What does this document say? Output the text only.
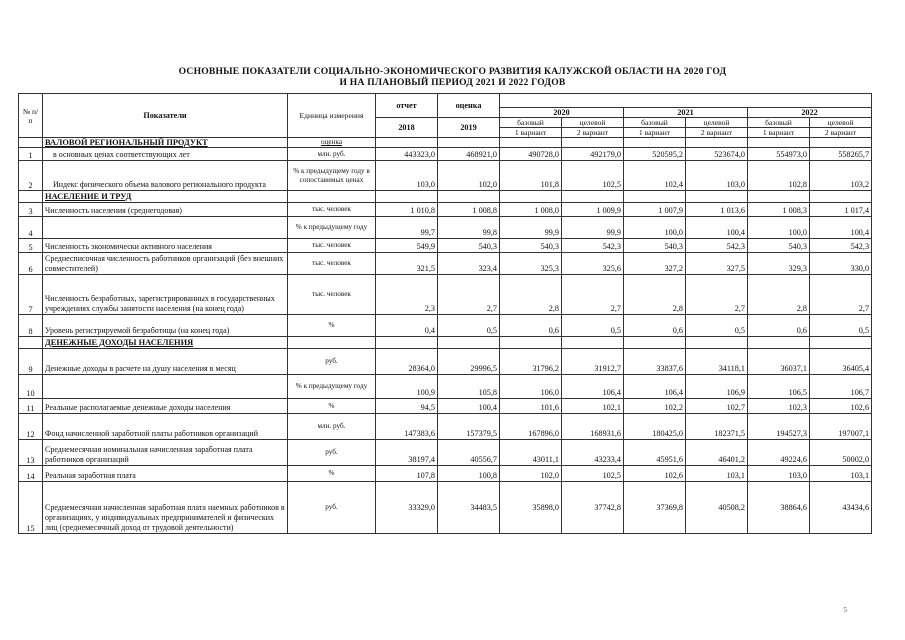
ОСНОВНЫЕ ПОКАЗАТЕЛИ СОЦИАЛЬНО-ЭКОНОМИЧЕСКОГО РАЗВИТИЯ КАЛУЖСКОЙ ОБЛАСТИ НА 2020 ГОД
И НА ПЛАНОВЫЙ ПЕРИОД 2021 И 2022 ГОДОВ
№ п/п	Показатели	Единица измерения	отчет	оценка						
					2020		2021		2022	
			2018	2019	базовый	целевой	базовый	целевой	базовый	целевой
					1 вариант	2 вариант	1 вариант	2 вариант	1 вариант	2 вариант
	ВАЛОВОЙ РЕГИОНАЛЬНЫЙ ПРОДУКТ	оценка								
1	в основных ценах соответствующих лет	млн. руб.	443323,0	468921,0	490728,0	492179,0	520595,2	523674,0	554973,0	558265,7
2	Индекс физического объема валового регионального продукта	% к предыдущему году в сопоставимых ценах	103,0	102,0	101,8	102,5	102,4	103,0	102,8	103,2
	НАСЕЛЕНИЕ И ТРУД									
3	Численность населения (среднегодовая)	тыс. человек	1 010,8	1 008,8	1 008,0	1 009,9	1 007,9	1 013,6	1 008,3	1 017,4
4		% к предыдущему году	99,7	99,8	99,9	99,9	100,0	100,4	100,0	100,4
5	Численность экономически активного населения	тыс. человек	549,9	540,3	540,3	542,3	540,3	542,3	540,3	542,3
6	Среднесписочная численность работников организаций (без внешних совместителей)	тыс. человек	321,5	323,4	325,3	325,6	327,2	327,5	329,3	330,0
7	Численность безработных, зарегистрированных в государственных учреждениях службы занятости населения (на конец года)	тыс. человек	2,3	2,7	2,8	2,7	2,8	2,7	2,8	2,7
8	Уровень регистрируемой безработицы (на конец года)	%	0,4	0,5	0,6	0,5	0,6	0,5	0,6	0,5
	ДЕНЕЖНЫЕ ДОХОДЫ НАСЕЛЕНИЯ									
9	Денежные доходы в расчете на душу населения в месяц	руб.	28364,0	29996,5	31796,2	31912,7	33837,6	34118,1	36037,1	36405,4
10		% к предыдущему году	100,9	105,8	106,0	106,4	106,4	106,9	106,5	106,7
11	Реальные располагаемые денежные доходы населения	%	94,5	100,4	101,6	102,1	102,2	102,7	102,3	102,6
12	Фонд начисленной заработной платы работников организаций	млн. руб.	147383,6	157379,5	167896,0	168931,6	180425,0	182371,5	194527,3	197007,1
13	Среднемесячная номинальная начисленная заработная плата работников организаций	руб.	38197,4	40556,7	43011,1	43233,4	45951,6	46401,2	49224,6	50002,0
14	Реальная заработная плата	%	107,8	100,8	102,0	102,5	102,6	103,1	103,0	103,1
15	Среднемесячная начисленная заработная плата наемных работников в организациях, у индивидуальных предпринимателей и физических лиц (среднемесячный доход от трудовой деятельности)	руб.	33329,0	34483,5	35898,0	37742,8	37369,8	40508,2	38864,6	43434,6
5
